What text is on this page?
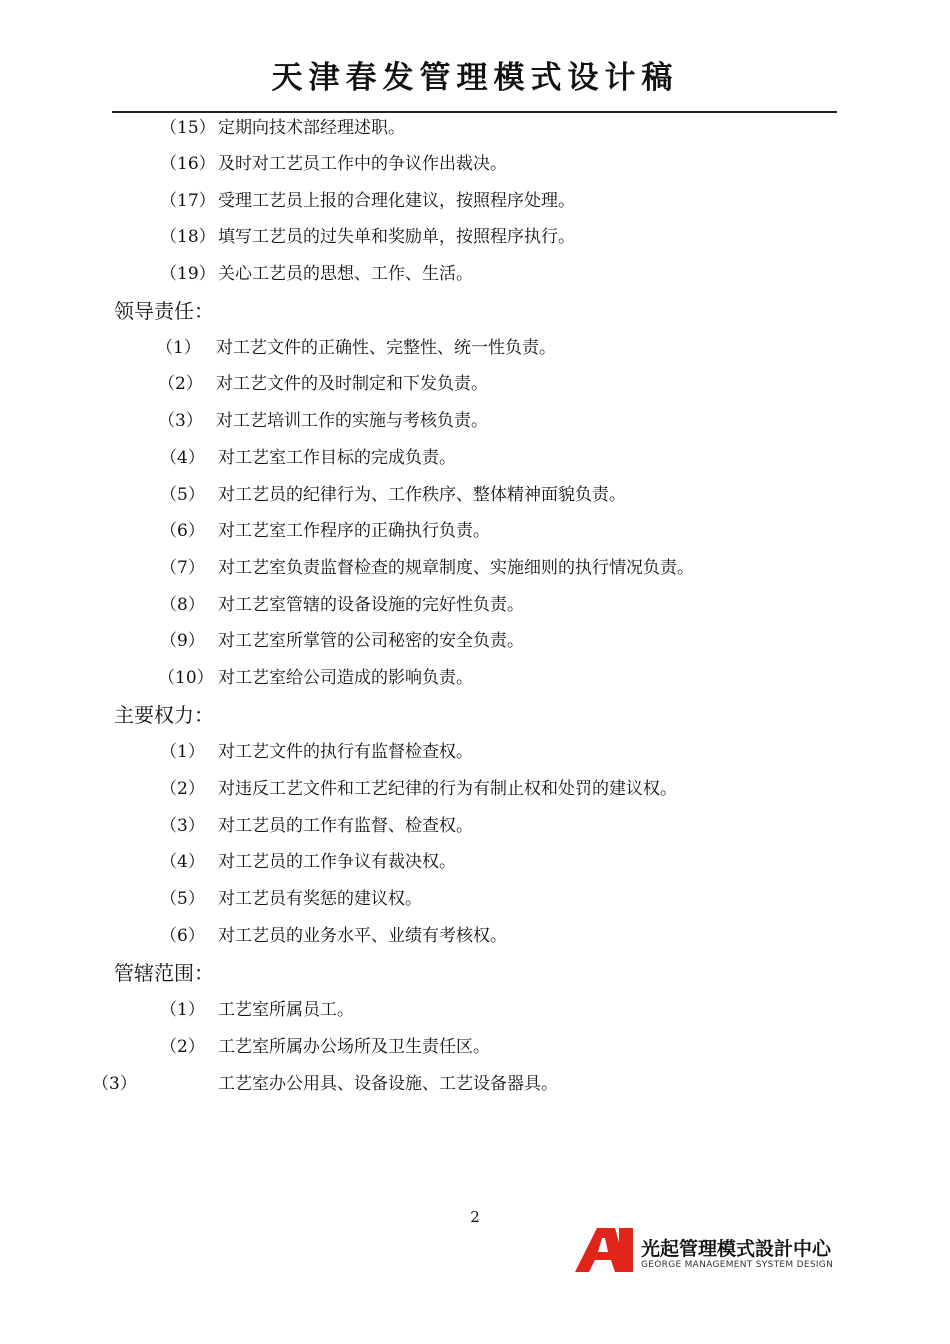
天津春发管理模式设计稿
（15） 定期向技术部经理述职。
（16） 及时对工艺员工作中的争议作出裁决。
（17） 受理工艺员上报的合理化建议，按照程序处理。
（18） 填写工艺员的过失单和奖励单，按照程序执行。
（19） 关心工艺员的思想、工作、生活。
领导责任：
（1） 对工艺文件的正确性、完整性、统一性负责。
（2） 对工艺文件的及时制定和下发负责。
（3） 对工艺培训工作的实施与考核负责。
（4） 对工艺室工作目标的完成负责。
（5） 对工艺员的纪律行为、工作秩序、整体精神面貌负责。
（6） 对工艺室工作程序的正确执行负责。
（7） 对工艺室负责监督检查的规章制度、实施细则的执行情况负责。
（8） 对工艺室管辖的设备设施的完好性负责。
（9） 对工艺室所掌管的公司秘密的安全负责。
（10） 对工艺室给公司造成的影响负责。
主要权力：
（1） 对工艺文件的执行有监督检查权。
（2） 对违反工艺文件和工艺纪律的行为有制止权和处罚的建议权。
（3） 对工艺员的工作有监督、检查权。
（4） 对工艺员的工作争议有裁决权。
（5） 对工艺员有奖惩的建议权。
（6） 对工艺员的业务水平、业绩有考核权。
管辖范围：
（1） 工艺室所属员工。
（2） 工艺室所属办公场所及卫生责任区。
（3）	工艺室办公用具、设备设施、工艺设备器具。
2
光起管理模式設計中心
GEORGE MANAGEMENT SYSTEM DESIGN
